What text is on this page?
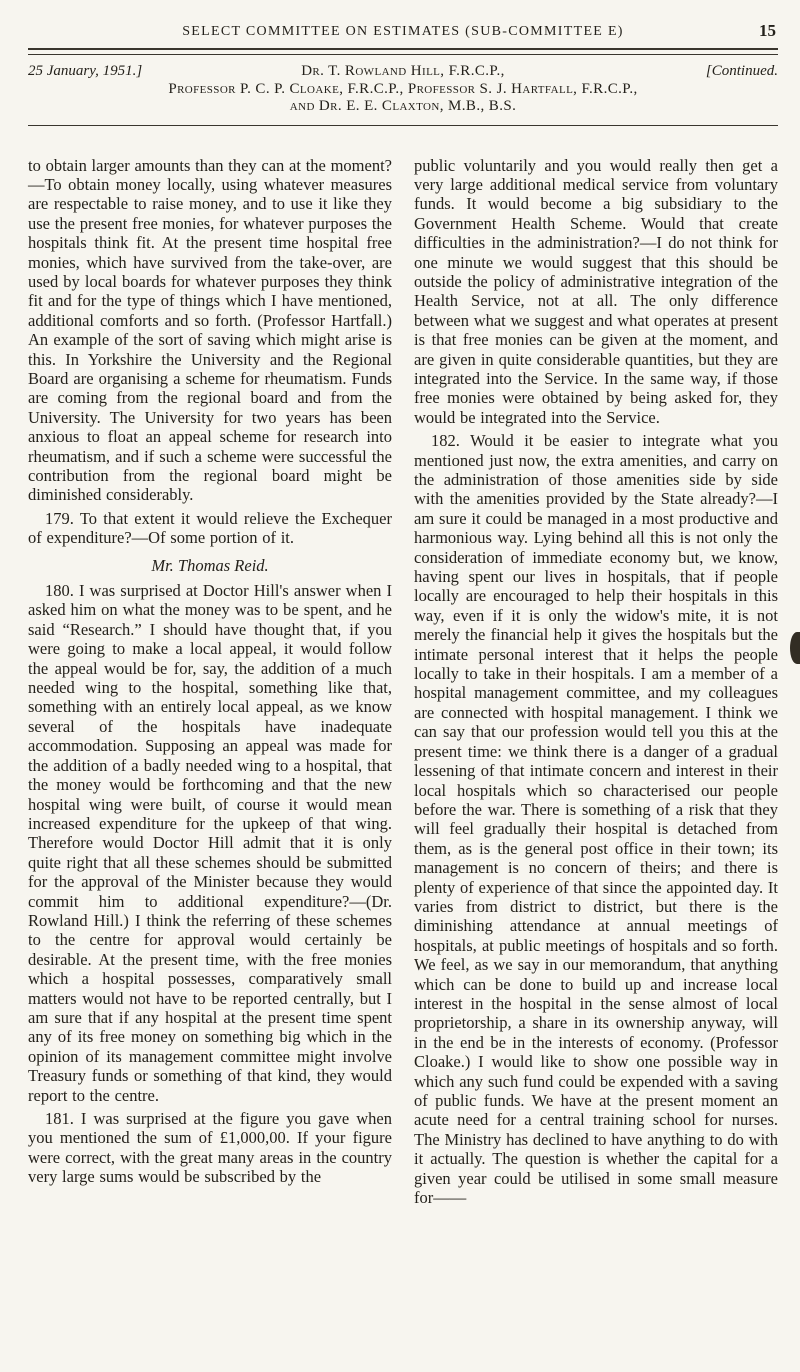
SELECT COMMITTEE ON ESTIMATES (SUB-COMMITTEE E)	15
25 January, 1951.]	Dr. T. Rowland Hill, F.R.C.P.,	[Continued.
Professor P. C. P. Cloake, F.R.C.P., Professor S. J. Hartfall, F.R.C.P.,
and Dr. E. E. Claxton, M.B., B.S.

to obtain larger amounts than they can at the moment?—To obtain money locally, using whatever measures are respectable to raise money, and to use it like they use the present free monies, for whatever purposes the hospitals think fit. At the present time hospital free monies, which have survived from the take-over, are used by local boards for whatever purposes they think fit and for the type of things which I have mentioned, additional comforts and so forth. (Professor Hartfall.) An example of the sort of saving which might arise is this. In Yorkshire the University and the Regional Board are organising a scheme for rheumatism. Funds are coming from the regional board and from the University. The University for two years has been anxious to float an appeal scheme for research into rheumatism, and if such a scheme were successful the contribution from the regional board might be diminished considerably.

179. To that extent it would relieve the Exchequer of expenditure?—Of some portion of it.

Mr. Thomas Reid.

180. I was surprised at Doctor Hill's answer when I asked him on what the money was to be spent, and he said “Research.” I should have thought that, if you were going to make a local appeal, it would follow the appeal would be for, say, the addition of a much needed wing to the hospital, something like that, something with an entirely local appeal, as we know several of the hospitals have inadequate accommodation. Supposing an appeal was made for the addition of a badly needed wing to a hospital, that the money would be forthcoming and that the new hospital wing were built, of course it would mean increased expenditure for the upkeep of that wing. Therefore would Doctor Hill admit that it is only quite right that all these schemes should be submitted for the approval of the Minister because they would commit him to additional expenditure?—(Dr. Rowland Hill.) I think the referring of these schemes to the centre for approval would certainly be desirable. At the present time, with the free monies which a hospital possesses, comparatively small matters would not have to be reported centrally, but I am sure that if any hospital at the present time spent any of its free money on something big which in the opinion of its management committee might involve Treasury funds or something of that kind, they would report to the centre.

181. I was surprised at the figure you gave when you mentioned the sum of £1,000,00. If your figure were correct, with the great many areas in the country very large sums would be subscribed by the

public voluntarily and you would really then get a very large additional medical service from voluntary funds. It would become a big subsidiary to the Government Health Scheme. Would that create difficulties in the administration?—I do not think for one minute we would suggest that this should be outside the policy of administrative integration of the Health Service, not at all. The only difference between what we suggest and what operates at present is that free monies can be given at the moment, and are given in quite considerable quantities, but they are integrated into the Service. In the same way, if those free monies were obtained by being asked for, they would be integrated into the Service.

182. Would it be easier to integrate what you mentioned just now, the extra amenities, and carry on the administration of those amenities side by side with the amenities provided by the State already?—I am sure it could be managed in a most productive and harmonious way. Lying behind all this is not only the consideration of immediate economy but, we know, having spent our lives in hospitals, that if people locally are encouraged to help their hospitals in this way, even if it is only the widow's mite, it is not merely the financial help it gives the hospitals but the intimate personal interest that it helps the people locally to take in their hospitals. I am a member of a hospital management committee, and my colleagues are connected with hospital management. I think we can say that our profession would tell you this at the present time: we think there is a danger of a gradual lessening of that intimate concern and interest in their local hospitals which so characterised our people before the war. There is something of a risk that they will feel gradually their hospital is detached from them, as is the general post office in their town; its management is no concern of theirs; and there is plenty of experience of that since the appointed day. It varies from district to district, but there is the diminishing attendance at annual meetings of hospitals, at public meetings of hospitals and so forth. We feel, as we say in our memorandum, that anything which can be done to build up and increase local interest in the hospital in the sense almost of local proprietorship, a share in its ownership anyway, will in the end be in the interests of economy. (Professor Cloake.) I would like to show one possible way in which any such fund could be expended with a saving of public funds. We have at the present moment an acute need for a central training school for nurses. The Ministry has declined to have anything to do with it actually. The question is whether the capital for a given year could be utilised in some small measure for——
